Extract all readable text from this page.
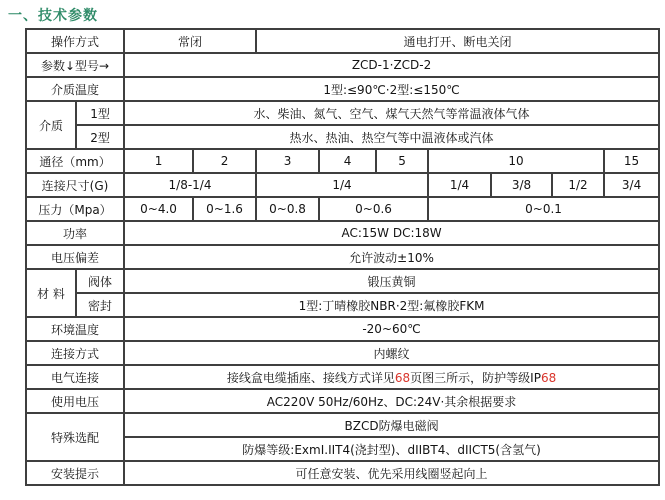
一、技术参数
操作方式		常闭		通电打开、断电关闭						
参数↓型号→		ZCD-1·ZCD-2								
介质温度		1型:≤90℃·2型:≤150℃								
介质	1型	水、柴油、氮气、空气、煤气天然气等常温液体气体								
	2型	热水、热油、热空气等中温液体或汽体								
通径（mm）		1	2	3	4	5	10			15
连接尺寸(G)		1/8-1/4		1/4			1/4	3/8	1/2	3/4
压力（Mpa）		0~4.0	0~1.6	0~0.8	0~0.6		0~0.1			
功率		AC:15W DC:18W								
电压偏差		允许波动±10%								
材 料	阀体	锻压黄铜								
	密封	1型:丁晴橡胶NBR·2型:氟橡胶FKM								
环境温度		-20~60℃								
连接方式		内螺纹								
电气连接		接线盒电缆插座、接线方式详见68页图三所示，防护等级IP68								
使用电压		AC220V 50Hz/60Hz、DC:24V·其余根据要求								
特殊选配		BZCD防爆电磁阀								
		防爆等级:ExmI.IIT4(浇封型)、dIIBT4、dIICT5(含氢气)								
安装提示		可任意安装、优先采用线圈竖起向上								
